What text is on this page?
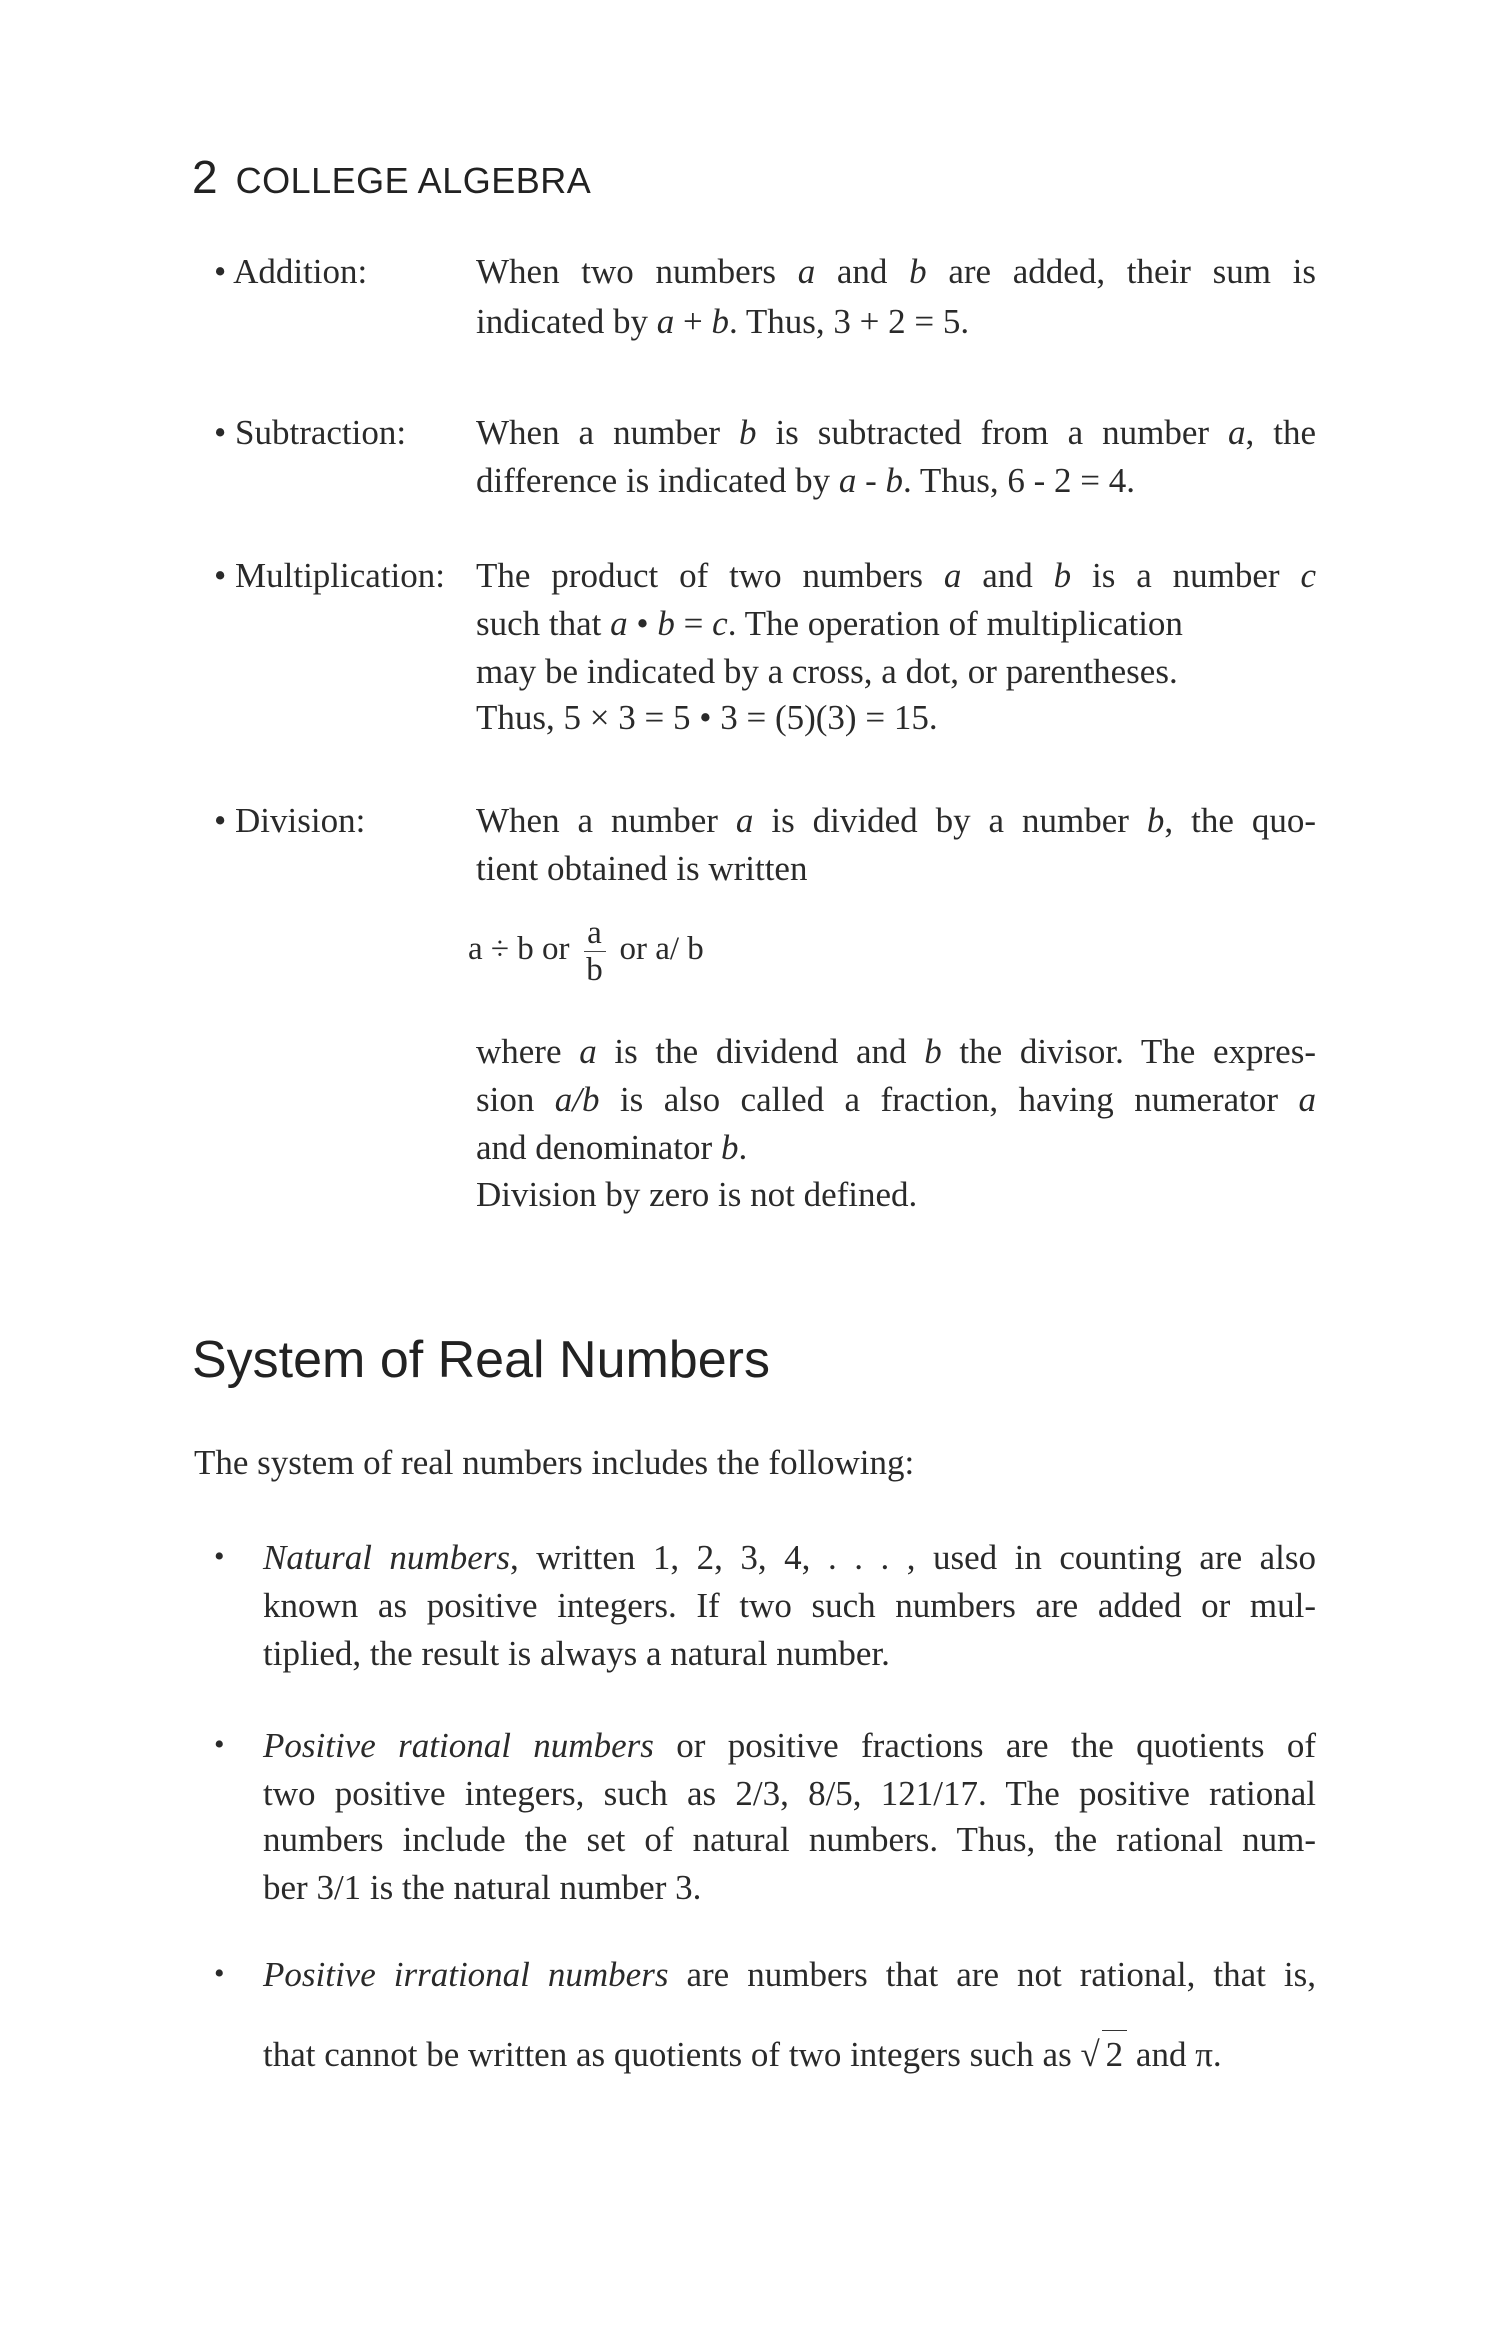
2 COLLEGE ALGEBRA
• Addition:
• Subtraction:
• Multiplication:
• Division:
When two numbers a and b are added, their sum is
indicated by a + b. Thus, 3 + 2 = 5.
When a number b is subtracted from a number a, the
difference is indicated by a - b. Thus, 6 - 2 = 4.
The product of two numbers a and b is a number c
such that a • b = c. The operation of multiplication
may be indicated by a cross, a dot, or parentheses.
Thus, 5 × 3 = 5 • 3 = (5)(3) = 15.
When a number a is divided by a number b, the quo-
tient obtained is written
a ÷ b or $\frac{a}{b}$ or a/ b
where a is the dividend and b the divisor. The expres-
sion a/b is also called a fraction, having numerator a
and denominator b.
Division by zero is not defined.
System of Real Numbers
The system of real numbers includes the following:
• Natural numbers, written 1, 2, 3, 4, . . . , used in counting are also
known as positive integers. If two such numbers are added or mul-
tiplied, the result is always a natural number.
• Positive rational numbers or positive fractions are the quotients of
two positive integers, such as 2/3, 8/5, 121/17. The positive rational
numbers include the set of natural numbers. Thus, the rational num-
ber 3/1 is the natural number 3.
• Positive irrational numbers are numbers that are not rational, that is,
that cannot be written as quotients of two integers such as √ 2 and π.
